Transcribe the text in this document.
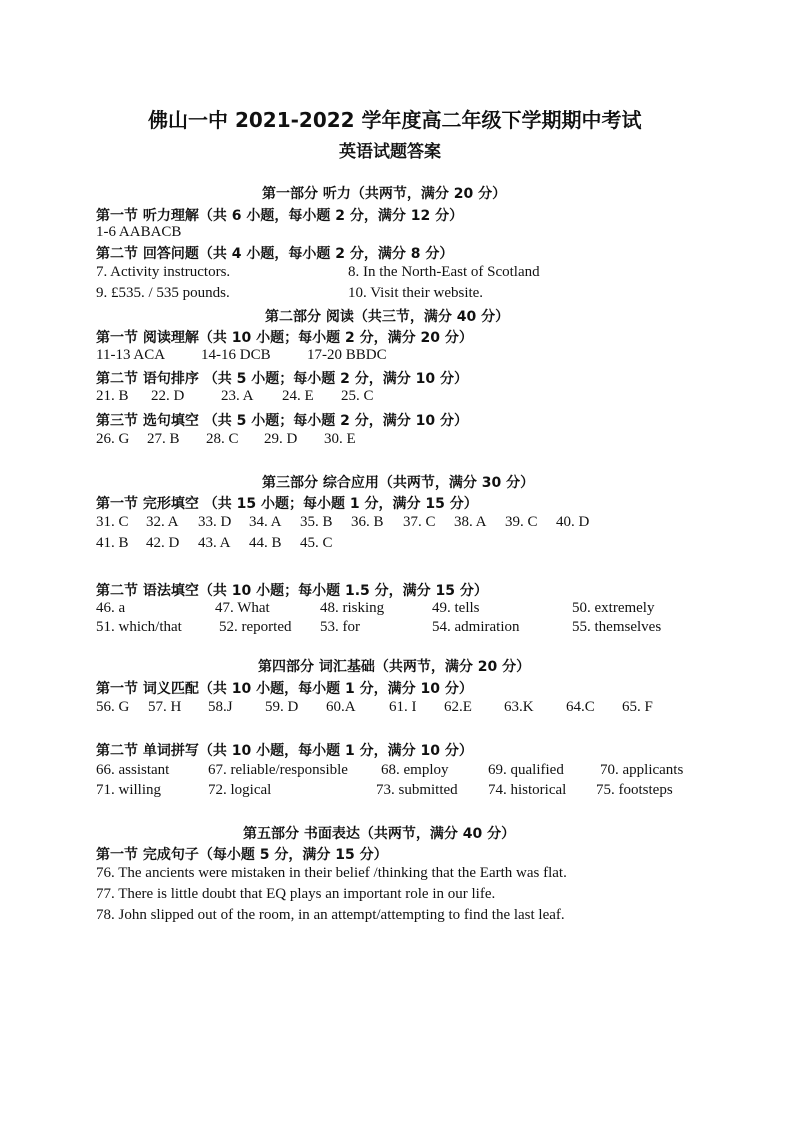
佛山一中 2021-2022 学年度高二年级下学期期中考试
英语试题答案
第一部分 听力（共两节，满分 20 分）
第一节 听力理解（共 6 小题，每小题 2 分，满分 12 分）
1-6 AABACB
第二节 回答问题（共 4 小题，每小题 2 分，满分 8 分）
7. Activity instructors.	8. In the North-East of Scotland
9. £535. / 535 pounds.	10. Visit their website.
第二部分 阅读（共三节，满分 40 分）
第一节 阅读理解（共 10 小题；每小题 2 分，满分 20 分）
11-13 ACA 14-16 DCB 17-20 BBDC
第二节 语句排序 （共 5 小题；每小题 2 分，满分 10 分）
21. B 22. D 23. A 24. E 25. C
第三节 选句填空 （共 5 小题；每小题 2 分，满分 10 分）
26. G 27. B 28. C 29. D 30. E
第三部分 综合应用（共两节，满分 30 分）
第一节 完形填空 （共 15 小题；每小题 1 分，满分 15 分）
31. C 32. A 33. D 34. A 35. B 36. B 37. C 38. A 39. C 40. D
41. B 42. D 43. A 44. B 45. C
第二节 语法填空（共 10 小题；每小题 1.5 分，满分 15 分）
46. a	47. What	48. risking	49. tells	50. extremely
51. which/that 52. reported 53. for	54. admiration	55. themselves
第四部分 词汇基础（共两节，满分 20 分）
第一节 词义匹配（共 10 小题，每小题 1 分，满分 10 分）
56. G 57. H 58.J 59. D 60.A 61. I 62.E 63.K 64.C 65. F
第二节 单词拼写（共 10 小题，每小题 1 分，满分 10 分）
66. assistant	67. reliable/responsible 68. employ	69. qualified 70. applicants
71. willing	72. logical	73. submitted 74. historical 75. footsteps
第五部分 书面表达（共两节，满分 40 分）
第一节 完成句子（每小题 5 分，满分 15 分）
76. The ancients were mistaken in their belief /thinking that the Earth was flat.
77. There is little doubt that EQ plays an important role in our life.
78. John slipped out of the room, in an attempt/attempting to find the last leaf.
